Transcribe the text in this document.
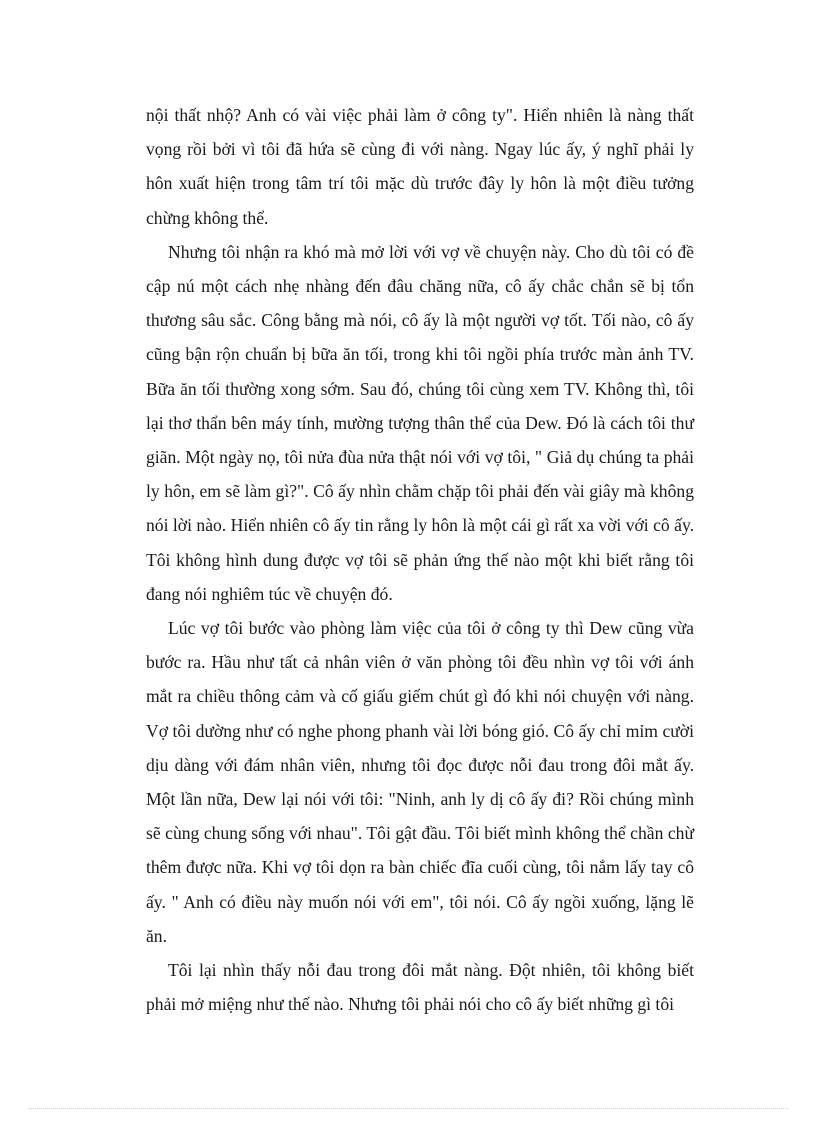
nội thất nhộ? Anh có vài việc phải làm ở công ty". Hiển nhiên là nàng thất vọng rồi bởi vì tôi đã hứa sẽ cùng đi với nàng. Ngay lúc ấy, ý nghĩ phải ly hôn xuất hiện trong tâm trí tôi mặc dù trước đây ly hôn là một điều tưởng chừng không thể.

Nhưng tôi nhận ra khó mà mở lời với vợ về chuyện này. Cho dù tôi có đề cập nú một cách nhẹ nhàng đến đâu chăng nữa, cô ấy chắc chắn sẽ bị tổn thương sâu sắc. Công bằng mà nói, cô ấy là một người vợ tốt. Tối nào, cô ấy cũng bận rộn chuẩn bị bữa ăn tối, trong khi tôi ngồi phía trước màn ảnh TV. Bữa ăn tối thường xong sớm. Sau đó, chúng tôi cùng xem TV. Không thì, tôi lại thơ thẩn bên máy tính, mường tượng thân thể của Dew. Đó là cách tôi thư giãn. Một ngày nọ, tôi nửa đùa nửa thật nói với vợ tôi, " Giả dụ chúng ta phải ly hôn, em sẽ làm gì?". Cô ấy nhìn chằm chặp tôi phải đến vài giây mà không nói lời nào. Hiển nhiên cô ấy tin rằng ly hôn là một cái gì rất xa vời với cô ấy. Tôi không hình dung được vợ tôi sẽ phản ứng thế nào một khi biết rằng tôi đang nói nghiêm túc về chuyện đó.

Lúc vợ tôi bước vào phòng làm việc của tôi ở công ty thì Dew cũng vừa bước ra. Hầu như tất cả nhân viên ở văn phòng tôi đều nhìn vợ tôi với ánh mắt ra chiều thông cảm và cố giấu giếm chút gì đó khi nói chuyện với nàng. Vợ tôi dường như có nghe phong phanh vài lời bóng gió. Cô ấy chỉ mỉm cười dịu dàng với đám nhân viên, nhưng tôi đọc được nỗi đau trong đôi mắt ấy. Một lần nữa, Dew lại nói với tôi: "Ninh, anh ly dị cô ấy đi? Rồi chúng mình sẽ cùng chung sống với nhau". Tôi gật đầu. Tôi biết mình không thể chần chừ thêm được nữa. Khi vợ tôi dọn ra bàn chiếc đĩa cuối cùng, tôi nắm lấy tay cô ấy. " Anh có điều này muốn nói với em", tôi nói. Cô ấy ngồi xuống, lặng lẽ ăn.

Tôi lại nhìn thấy nỗi đau trong đôi mắt nàng. Đột nhiên, tôi không biết phải mở miệng như thế nào. Nhưng tôi phải nói cho cô ấy biết những gì tôi
